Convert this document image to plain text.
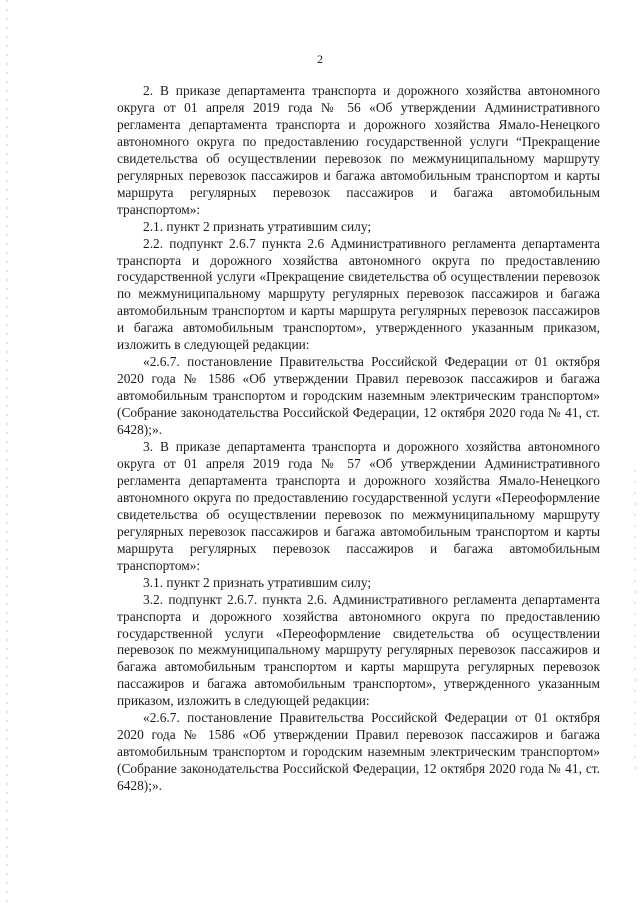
2

2. В приказе департамента транспорта и дорожного хозяйства автономного округа от 01 апреля 2019 года № 56 «Об утверждении Административного регламента департамента транспорта и дорожного хозяйства Ямало-Ненецкого автономного округа по предоставлению государственной услуги “Прекращение свидетельства об осуществлении перевозок по межмуниципальному маршруту регулярных перевозок пассажиров и багажа автомобильным транспортом и карты маршрута регулярных перевозок пассажиров и багажа автомобильным транспортом»:

2.1. пункт 2 признать утратившим силу;

2.2. подпункт 2.6.7 пункта 2.6 Административного регламента департамента транспорта и дорожного хозяйства автономного округа по предоставлению государственной услуги «Прекращение свидетельства об осуществлении перевозок по межмуниципальному маршруту регулярных перевозок пассажиров и багажа автомобильным транспортом и карты маршрута регулярных перевозок пассажиров и багажа автомобильным транспортом», утвержденного указанным приказом, изложить в следующей редакции:

«2.6.7. постановление Правительства Российской Федерации от 01 октября 2020 года № 1586 «Об утверждении Правил перевозок пассажиров и багажа автомобильным транспортом и городским наземным электрическим транспортом» (Собрание законодательства Российской Федерации, 12 октября 2020 года № 41, ст. 6428);».

3. В приказе департамента транспорта и дорожного хозяйства автономного округа от 01 апреля 2019 года № 57 «Об утверждении Административного регламента департамента транспорта и дорожного хозяйства Ямало-Ненецкого автономного округа по предоставлению государственной услуги «Переоформление свидетельства об осуществлении перевозок по межмуниципальному маршруту регулярных перевозок пассажиров и багажа автомобильным транспортом и карты маршрута регулярных перевозок пассажиров и багажа автомобильным транспортом»:

3.1. пункт 2 признать утратившим силу;

3.2. подпункт 2.6.7. пункта 2.6. Административного регламента департамента транспорта и дорожного хозяйства автономного округа по предоставлению государственной услуги «Переоформление свидетельства об осуществлении перевозок по межмуниципальному маршруту регулярных перевозок пассажиров и багажа автомобильным транспортом и карты маршрута регулярных перевозок пассажиров и багажа автомобильным транспортом», утвержденного указанным приказом, изложить в следующей редакции:

«2.6.7. постановление Правительства Российской Федерации от 01 октября 2020 года № 1586 «Об утверждении Правил перевозок пассажиров и багажа автомобильным транспортом и городским наземным электрическим транспортом» (Собрание законодательства Российской Федерации, 12 октября 2020 года № 41, ст. 6428);».
